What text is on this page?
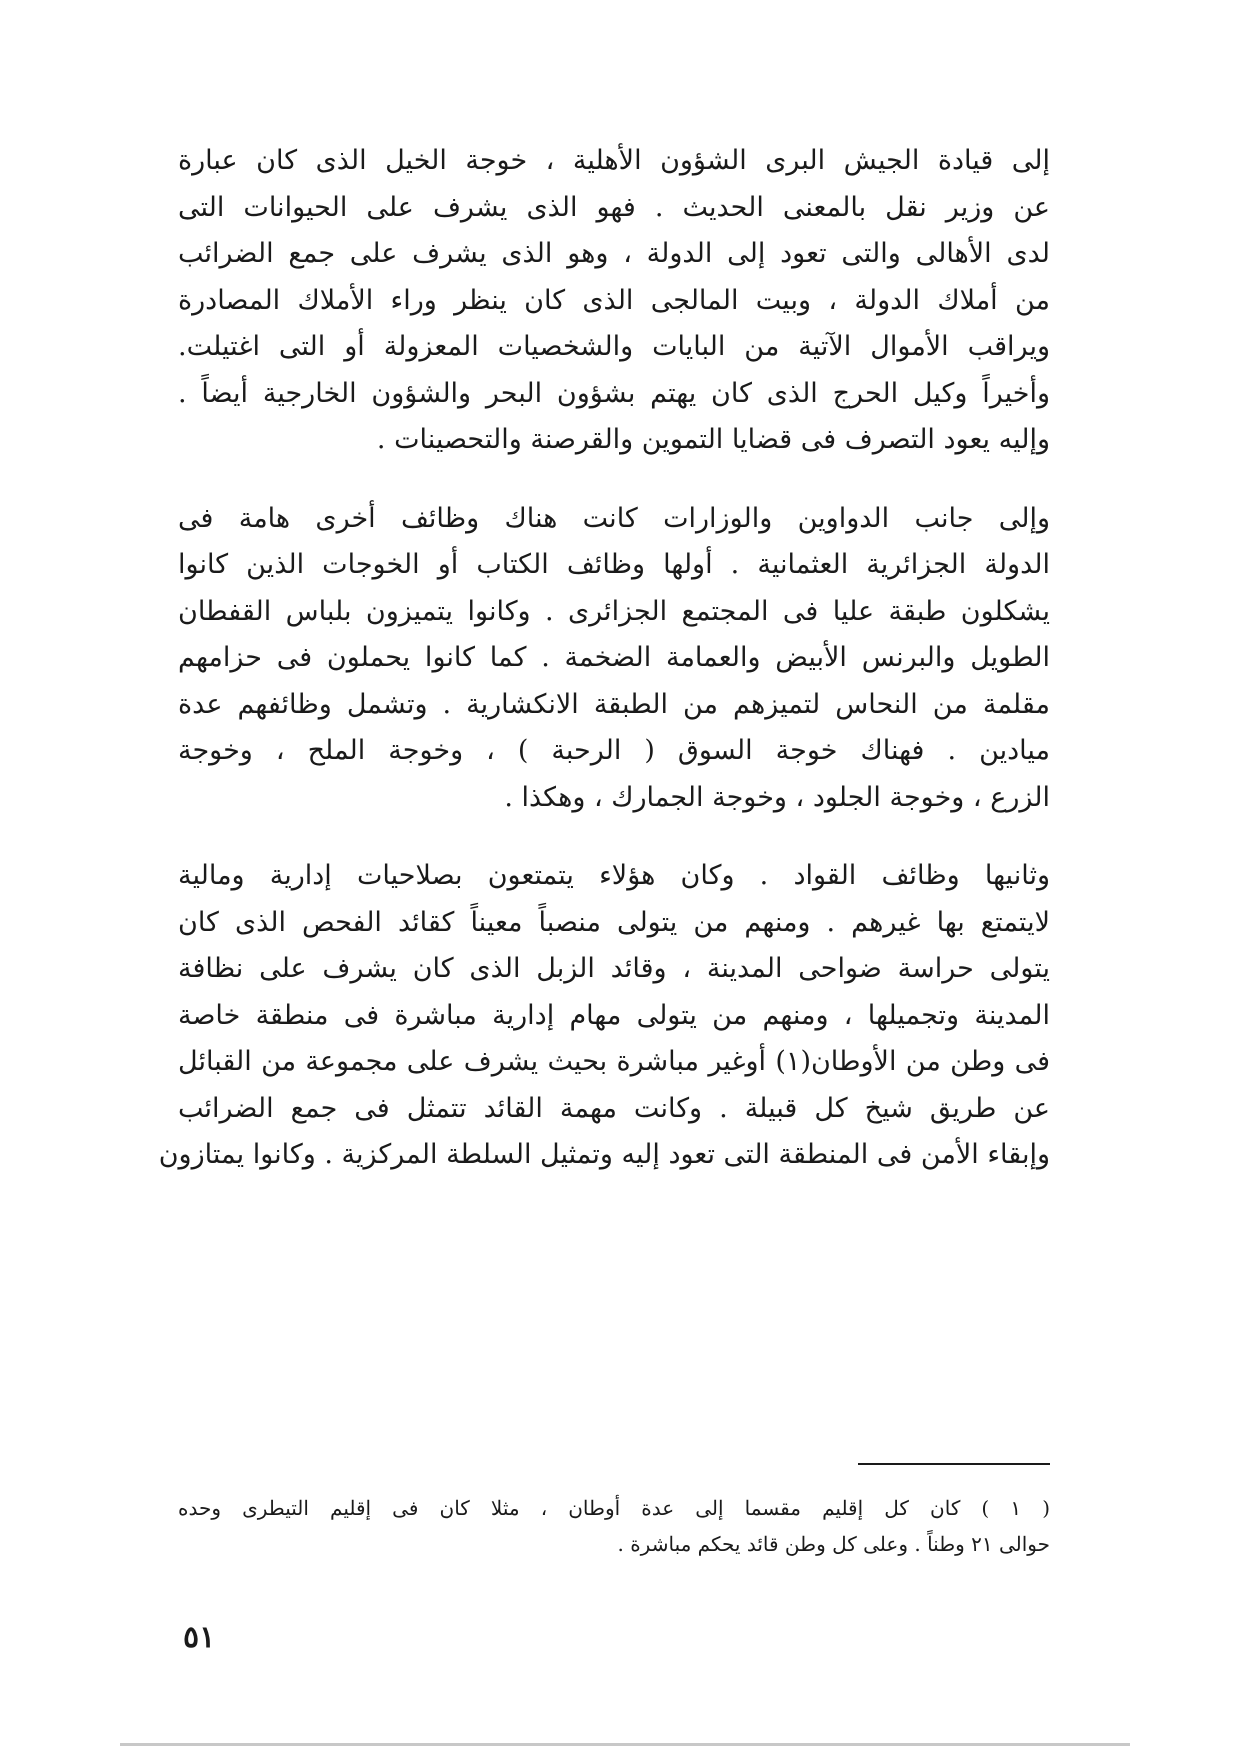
إلى قيادة الجيش البرى الشؤون الأهلية ، خوجة الخيل الذى كان عبارة
عن وزير نقل بالمعنى الحديث . فهو الذى يشرف على الحيوانات التى
لدى الأهالى والتى تعود إلى الدولة ، وهو الذى يشرف على جمع الضرائب
من أملاك الدولة ، وبيت المالجى الذى كان ينظر وراء الأملاك المصادرة
ويراقب الأموال الآتية من البايات والشخصيات المعزولة أو التى اغتيلت.
وأخيراً وكيل الحرج الذى كان يهتم بشؤون البحر والشؤون الخارجية أيضاً .
وإليه يعود التصرف فى قضايا التموين والقرصنة والتحصينات .

وإلى جانب الدواوين والوزارات كانت هناك وظائف أخرى هامة فى
الدولة الجزائرية العثمانية . أولها وظائف الكتاب أو الخوجات الذين كانوا
يشكلون طبقة عليا فى المجتمع الجزائرى . وكانوا يتميزون بلباس القفطان
الطويل والبرنس الأبيض والعمامة الضخمة . كما كانوا يحملون فى حزامهم
مقلمة من النحاس لتميزهم من الطبقة الانكشارية . وتشمل وظائفهم عدة
ميادين . فهناك خوجة السوق ( الرحبة ) ، وخوجة الملح ، وخوجة
الزرع ، وخوجة الجلود ، وخوجة الجمارك ، وهكذا .

وثانيها وظائف القواد . وكان هؤلاء يتمتعون بصلاحيات إدارية ومالية
لايتمتع بها غيرهم . ومنهم من يتولى منصباً معيناً كقائد الفحص الذى كان
يتولى حراسة ضواحى المدينة ، وقائد الزبل الذى كان يشرف على نظافة
المدينة وتجميلها ، ومنهم من يتولى مهام إدارية مباشرة فى منطقة خاصة
فى وطن من الأوطان(١) أوغير مباشرة بحيث يشرف على مجموعة من القبائل
عن طريق شيخ كل قبيلة . وكانت مهمة القائد تتمثل فى جمع الضرائب
وإبقاء الأمن فى المنطقة التى تعود إليه وتمثيل السلطة المركزية . وكانوا يمتازون

( ١ ) كان كل إقليم مقسما إلى عدة أوطان ، مثلا كان فى إقليم التيطرى وحده
حوالى ٢١ وطناً . وعلى كل وطن قائد يحكم مباشرة .
٥١
